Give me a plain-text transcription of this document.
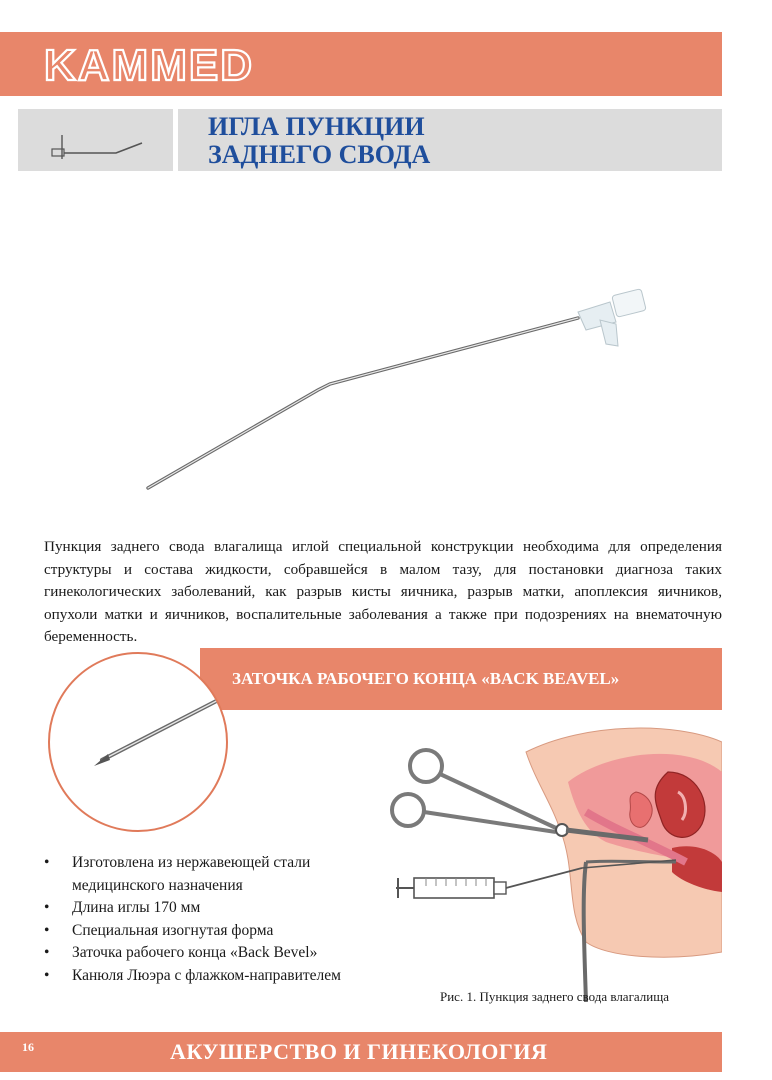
KAMMED
ИГЛА ПУНКЦИИ
ЗАДНЕГО СВОДА

Пункция заднего свода влагалища иглой специальной конструкции необходима для определения структуры и состава жидкости, собравшейся в малом тазу, для постановки диагноза таких гинекологических заболеваний, как разрыв кисты яичника, разрыв матки, апоплексия яичников, опухоли матки и яичников, воспалительные заболевания а также при подозрениях на внематочную беременность.

ЗАТОЧКА РАБОЧЕГО КОНЦА «BACK BEAVEL»

• Изготовлена из нержавеющей стали
медицинского назначения
• Длина иглы 170 мм
• Специальная изогнутая форма
• Заточка рабочего конца «Back Bevel»
• Канюля Люэра с флажком-направителем

Рис. 1. Пункция заднего свода влагалища

16	АКУШЕРСТВО И ГИНЕКОЛОГИЯ
